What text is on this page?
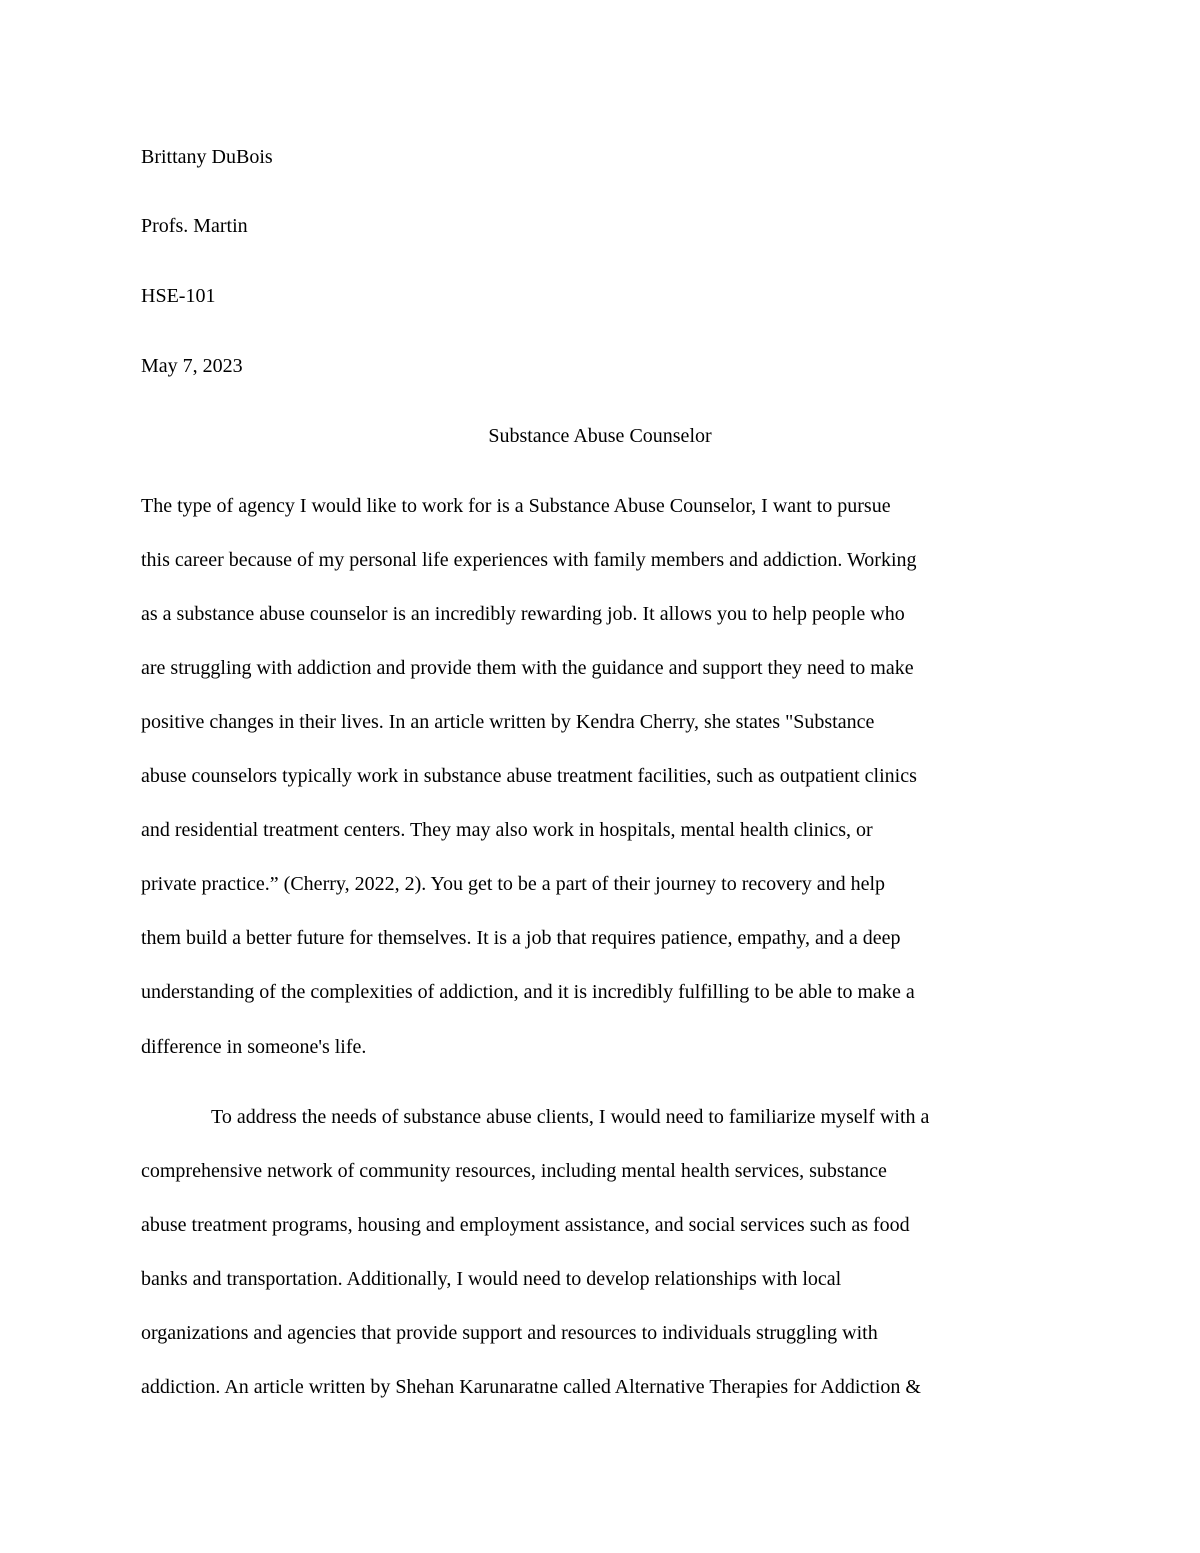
Brittany DuBois
Profs. Martin
HSE-101
May 7, 2023
Substance Abuse Counselor
The type of agency I would like to work for is a Substance Abuse Counselor, I want to pursue
this career because of my personal life experiences with family members and addiction. Working
as a substance abuse counselor is an incredibly rewarding job. It allows you to help people who
are struggling with addiction and provide them with the guidance and support they need to make
positive changes in their lives. In an article written by Kendra Cherry, she states "Substance
abuse counselors typically work in substance abuse treatment facilities, such as outpatient clinics
and residential treatment centers. They may also work in hospitals, mental health clinics, or
private practice.” (Cherry, 2022, 2). You get to be a part of their journey to recovery and help
them build a better future for themselves. It is a job that requires patience, empathy, and a deep
understanding of the complexities of addiction, and it is incredibly fulfilling to be able to make a
difference in someone's life.
To address the needs of substance abuse clients, I would need to familiarize myself with a
comprehensive network of community resources, including mental health services, substance
abuse treatment programs, housing and employment assistance, and social services such as food
banks and transportation. Additionally, I would need to develop relationships with local
organizations and agencies that provide support and resources to individuals struggling with
addiction. An article written by Shehan Karunaratne called Alternative Therapies for Addiction &
